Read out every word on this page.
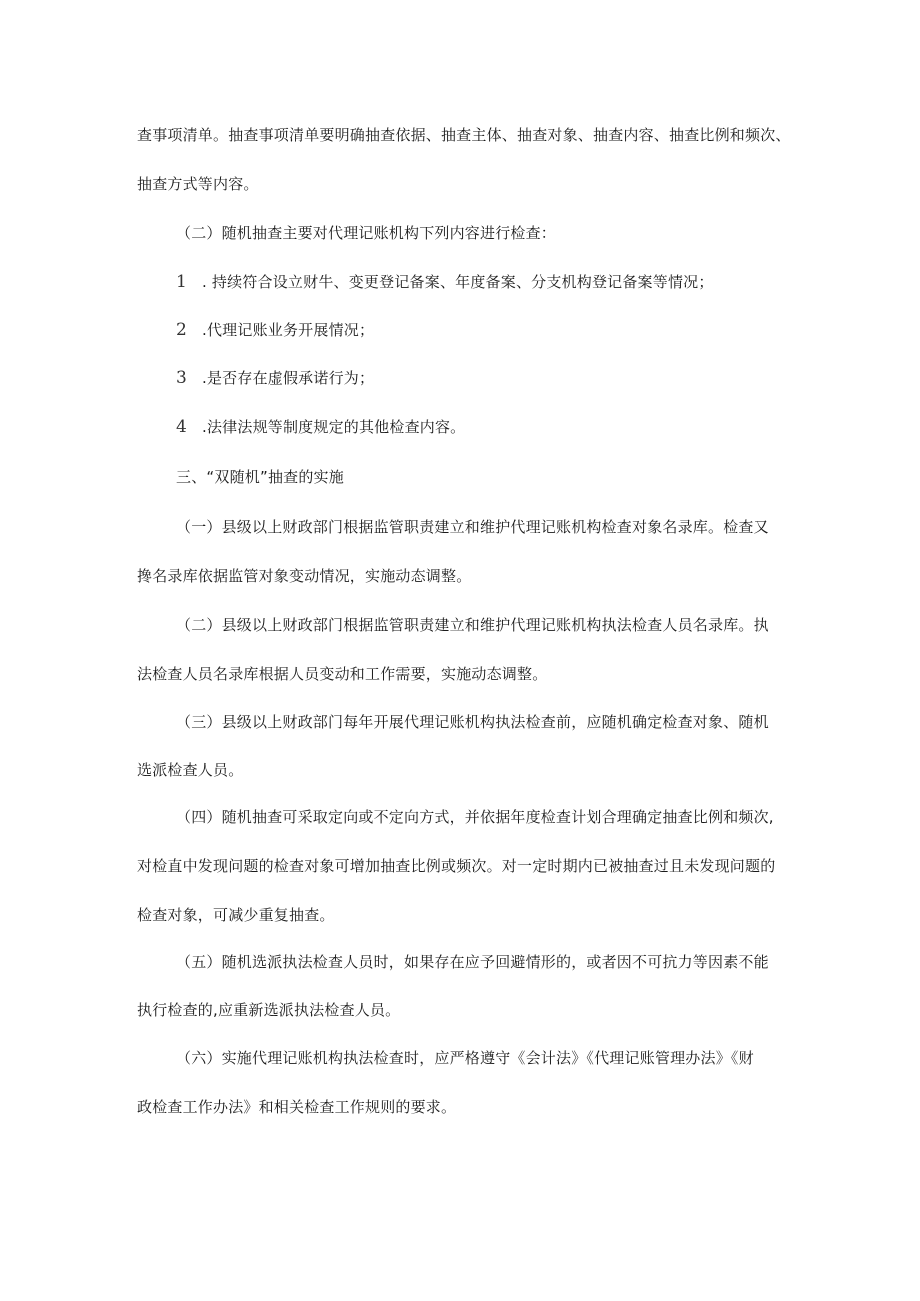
查事项清单。抽查事项清单要明确抽查依据、抽查主体、抽查对象、抽查内容、抽查比例和频次、
抽查方式等内容。
（二）随机抽查主要对代理记账机构下列内容进行检查：
1 . 持续符合设立财牛、变更登记备案、年度备案、分支机构登记备案等情况；
2 .代理记账业务开展情况；
3 .是否存在虚假承诺行为；
4 .法律法规等制度规定的其他检查内容。
三、“双随机”抽查的实施
（一）县级以上财政部门根据监管职责建立和维护代理记账机构检查对象名录库。检查又
搀名录库依据监管对象变动情况，实施动态调整。
（二）县级以上财政部门根据监管职责建立和维护代理记账机构执法检查人员名录库。执
法检查人员名录库根据人员变动和工作需要，实施动态调整。
（三）县级以上财政部门每年开展代理记账机构执法检查前，应随机确定检查对象、随机
选派检查人员。
（四）随机抽查可采取定向或不定向方式，并依据年度检查计划合理确定抽查比例和频次,
对检直中发现问题的检查对象可增加抽查比例或频次。对一定时期内已被抽查过且未发现问题的
检查对象，可减少重复抽查。
（五）随机选派执法检查人员时，如果存在应予回避情形的，或者因不可抗力等因素不能
执行检查的,应重新选派执法检查人员。
（六）实施代理记账机构执法检查时，应严格遵守《会计法》《代理记账管理办法》《财
政检查工作办法》和相关检查工作规则的要求。
